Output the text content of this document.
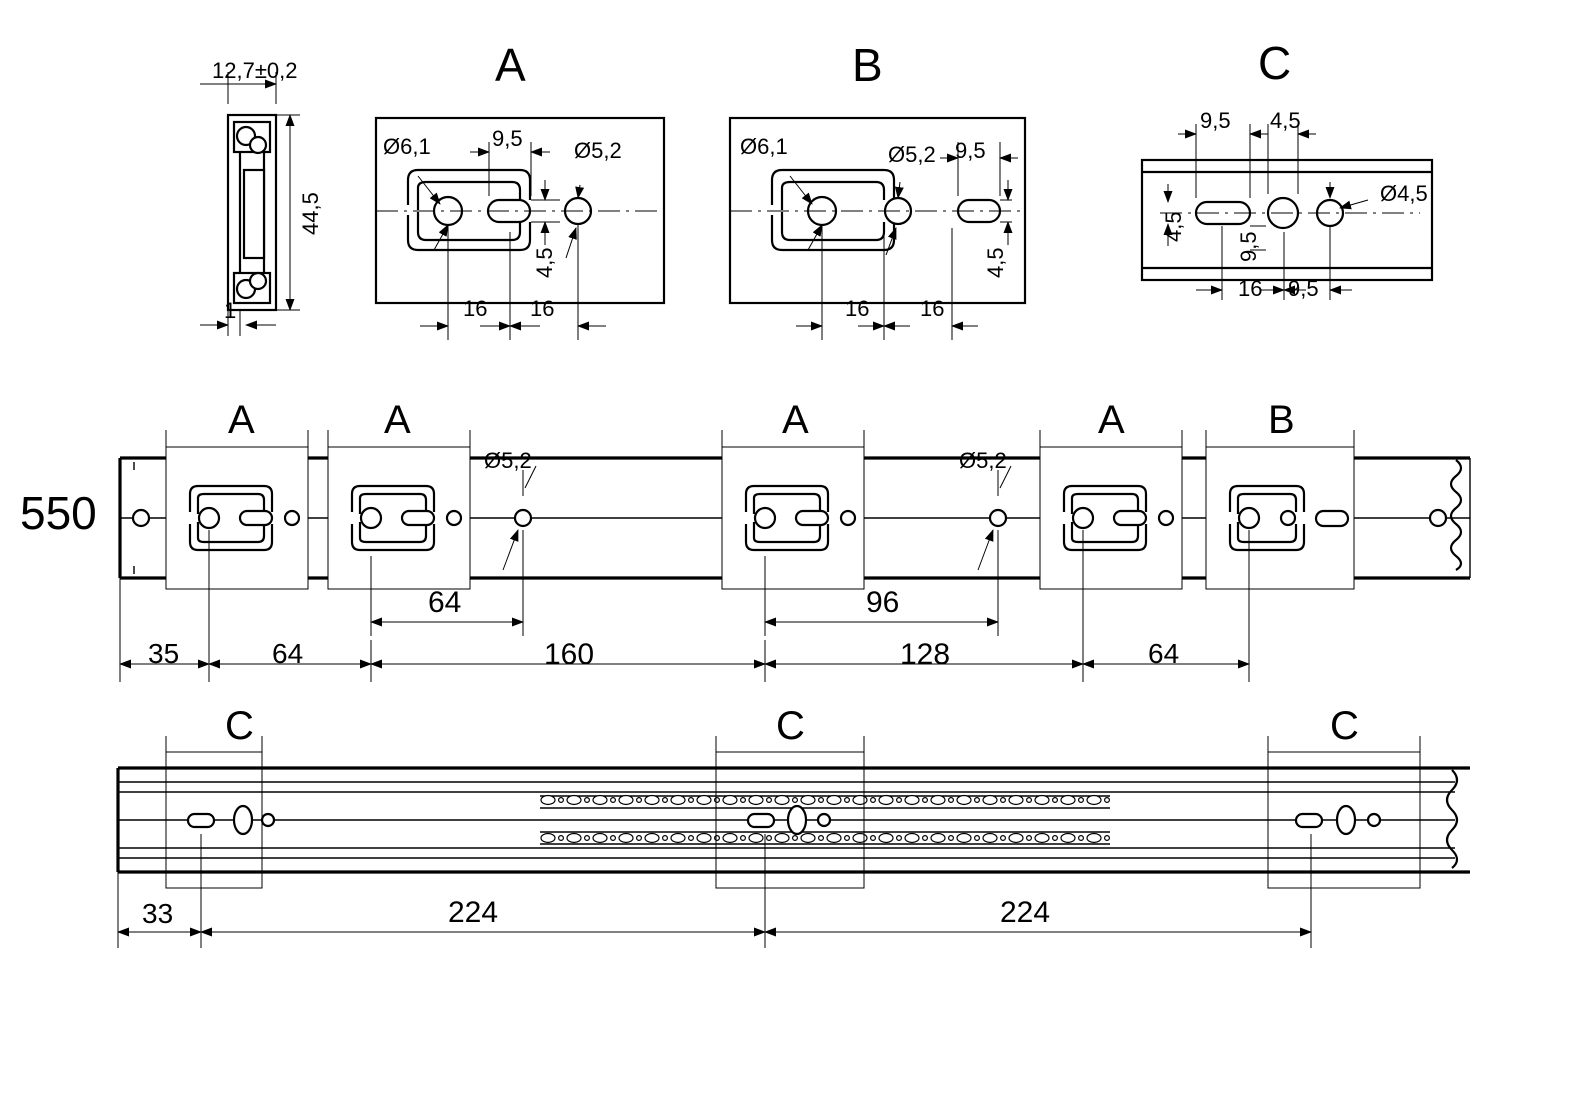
12,7±0,2
44,5
1
A	B	C
Ø6,1	Ø5,2
9,5
4,5
16 16
Ø6,1	Ø5,2 9,5
4,5
16 16
9,5 4,5
4,5
Ø4,5
9,5
16 9,5
550
A	A	A	A	B
Ø5,2	Ø5,2
64	96
35	64	160	128	64
C	C	C
33	224	224
